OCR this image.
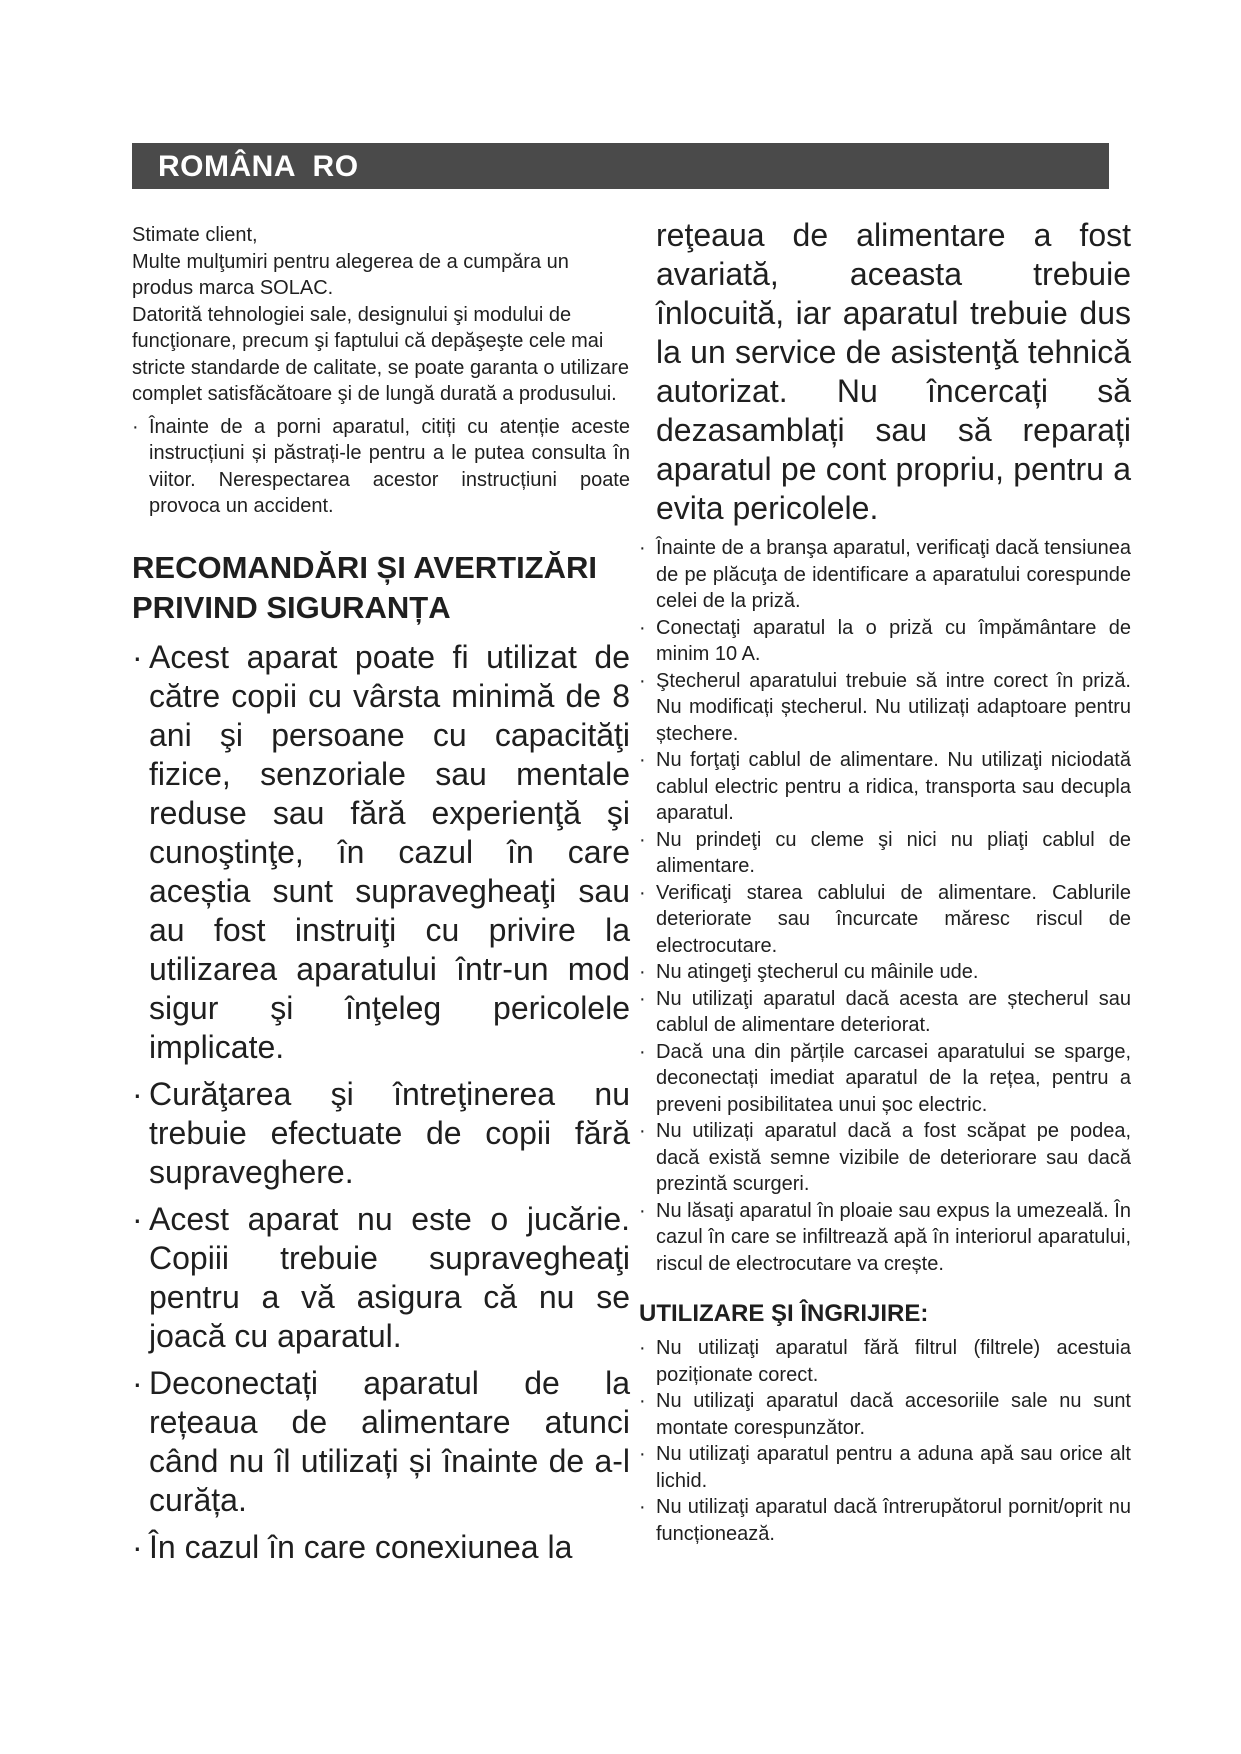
ROMÂNA  RO

Stimate client,

Multe mulţumiri pentru alegerea de a cumpăra un produs marca SOLAC.

Datorită tehnologiei sale, designului şi modului de funcţionare, precum şi faptului că depăşeşte cele mai stricte standarde de calitate, se poate garanta o utilizare complet satisfăcătoare şi de lungă durată a produsului.

· Înainte de a porni aparatul, citiți cu atenție aceste instrucțiuni și păstrați-le pentru a le putea consulta în viitor. Nerespectarea acestor instrucțiuni poate provoca un accident.

RECOMANDĂRI ȘI AVERTIZĂRI PRIVIND SIGURANȚA

· Acest aparat poate fi utilizat de către copii cu vârsta minimă de 8 ani şi persoane cu capacităţi fizice, senzoriale sau mentale reduse sau fără experienţă şi cunoştinţe, în cazul în care aceștia sunt supravegheaţi sau au fost instruiţi cu privire la utilizarea aparatului într-un mod sigur şi înţeleg pericolele implicate.

· Curăţarea şi întreţinerea nu trebuie efectuate de copii fără supraveghere.

· Acest aparat nu este o jucărie. Copiii trebuie supravegheaţi pentru a vă asigura că nu se joacă cu aparatul.

· Deconectați aparatul de la rețeaua de alimentare atunci când nu îl utilizați și înainte de a-l curăța.

· În cazul în care conexiunea la

reţeaua de alimentare a fost avariată, aceasta trebuie înlocuită, iar aparatul trebuie dus la un service de asistenţă tehnică autorizat. Nu încercați să dezasamblați sau să reparați aparatul pe cont propriu, pentru a evita pericolele.

· Înainte de a branşa aparatul, verificaţi dacă tensiunea de pe plăcuţa de identificare a aparatului corespunde celei de la priză.

· Conectaţi aparatul la o priză cu împământare de minim 10 A.

· Ştecherul aparatului trebuie să intre corect în priză. Nu modificați ștecherul. Nu utilizați adaptoare pentru ștechere.

· Nu forţaţi cablul de alimentare. Nu utilizaţi niciodată cablul electric pentru a ridica, transporta sau decupla aparatul.

· Nu prindeţi cu cleme şi nici nu pliaţi cablul de alimentare.

· Verificaţi starea cablului de alimentare. Cablurile deteriorate sau încurcate măresc riscul de electrocutare.

· Nu atingeţi ştecherul cu mâinile ude.

· Nu utilizaţi aparatul dacă acesta are ștecherul sau cablul de alimentare deteriorat.

· Dacă una din părțile carcasei aparatului se sparge, deconectați imediat aparatul de la rețea, pentru a preveni posibilitatea unui șoc electric.

· Nu utilizați aparatul dacă a fost scăpat pe podea, dacă există semne vizibile de deteriorare sau dacă prezintă scurgeri.

· Nu lăsaţi aparatul în ploaie sau expus la umezeală. În cazul în care se infiltrează apă în interiorul aparatului, riscul de electrocutare va crește.

UTILIZARE ŞI ÎNGRIJIRE:

· Nu utilizaţi aparatul fără filtrul (filtrele) acestuia poziționate corect.

· Nu utilizaţi aparatul dacă accesoriile sale nu sunt montate corespunzător.

· Nu utilizaţi aparatul pentru a aduna apă sau orice alt lichid.

· Nu utilizaţi aparatul dacă întrerupătorul pornit/oprit nu funcționează.
